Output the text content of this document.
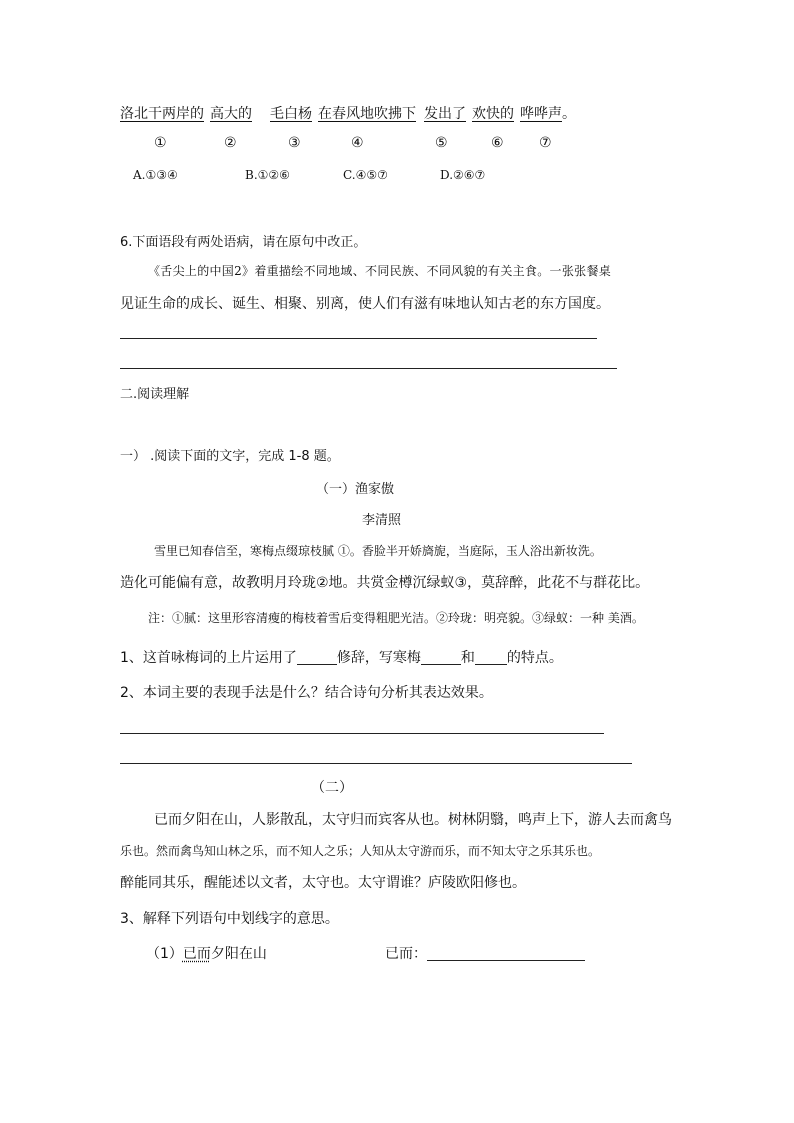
洛北干两岸的 高大的 毛白杨 在春风地吹拂下 发出了 欢快的 哗哗声。
①	②	③	④	⑤	⑥	⑦
A.①③④	B.①②⑥	C.④⑤⑦	D.②⑥⑦
6.下面语段有两处语病，请在原句中改正。
《舌尖上的中国2》着重描绘不同地域、不同民族、不同风貌的有关主食。一张张餐桌
见证生命的成长、诞生、相聚、别离，使人们有滋有味地认知古老的东方国度。
二.阅读理解
一） .阅读下面的文字，完成 1-8 题。
（一）渔家傲
李清照
雪里已知春信至，寒梅点缀琼枝腻 ①。香脸半开娇旖旎，当庭际，玉人浴出新妆洗。
造化可能偏有意，故教明月玲珑②地。共赏金樽沉绿蚁③，莫辞醉，此花不与群花比。
注：①腻：这里形容清瘦的梅枝着雪后变得粗肥光洁。②玲珑：明亮貌。③绿蚁：一种 美酒。
1、这首咏梅词的上片运用了	修辞，写寒梅	和 的特点。
2、本词主要的表现手法是什么？结合诗句分析其表达效果。
（二）
已而夕阳在山，人影散乱，太守归而宾客从也。树林阴翳，鸣声上下，游人去而禽鸟
乐也。然而禽鸟知山林之乐，而不知人之乐；人知从太守游而乐，而不知太守之乐其乐也。
醉能同其乐，醒能述以文者，太守也。太守谓谁？庐陵欧阳修也。
3、解释下列语句中划线字的意思。
（1）已而夕阳在山	已而：
